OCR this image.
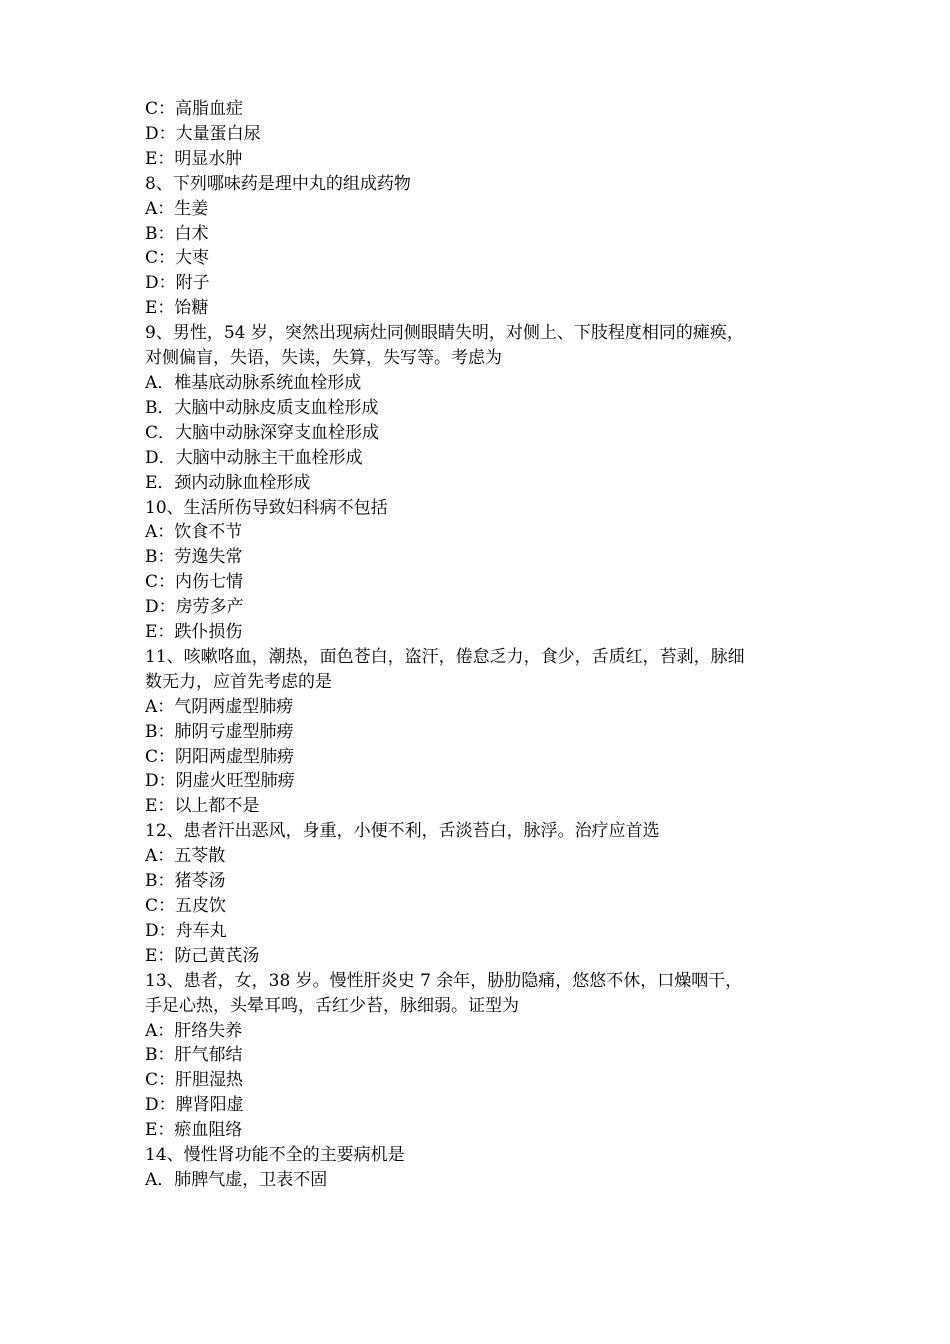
C：高脂血症

D：大量蛋白尿

E：明显水肿

8、下列哪味药是理中丸的组成药物

A：生姜

B：白术

C：大枣

D：附子

E：饴糖

9、男性，54 岁，突然出现病灶同侧眼睛失明，对侧上、下肢程度相同的瘫痪，

对侧偏盲，失语，失读，失算，失写等。考虑为

A．椎基底动脉系统血栓形成

B．大脑中动脉皮质支血栓形成

C．大脑中动脉深穿支血栓形成

D．大脑中动脉主干血栓形成

E．颈内动脉血栓形成

10、生活所伤导致妇科病不包括

A：饮食不节

B：劳逸失常

C：内伤七情

D：房劳多产

E：跌仆损伤

11、咳嗽咯血，潮热，面色苍白，盗汗，倦怠乏力，食少，舌质红，苔剥，脉细

数无力，应首先考虑的是

A：气阴两虚型肺痨

B：肺阴亏虚型肺痨

C：阴阳两虚型肺痨

D：阴虚火旺型肺痨

E：以上都不是

12、患者汗出恶风，身重，小便不利，舌淡苔白，脉浮。治疗应首选

A：五苓散

B：猪苓汤

C：五皮饮

D：舟车丸

E：防己黄芪汤

13、患者，女，38 岁。慢性肝炎史 7 余年，胁肋隐痛，悠悠不休，口燥咽干，

手足心热，头晕耳鸣，舌红少苔，脉细弱。证型为

A：肝络失养

B：肝气郁结

C：肝胆湿热

D：脾肾阳虚

E：瘀血阻络

14、慢性肾功能不全的主要病机是

A．肺脾气虚，卫表不固
